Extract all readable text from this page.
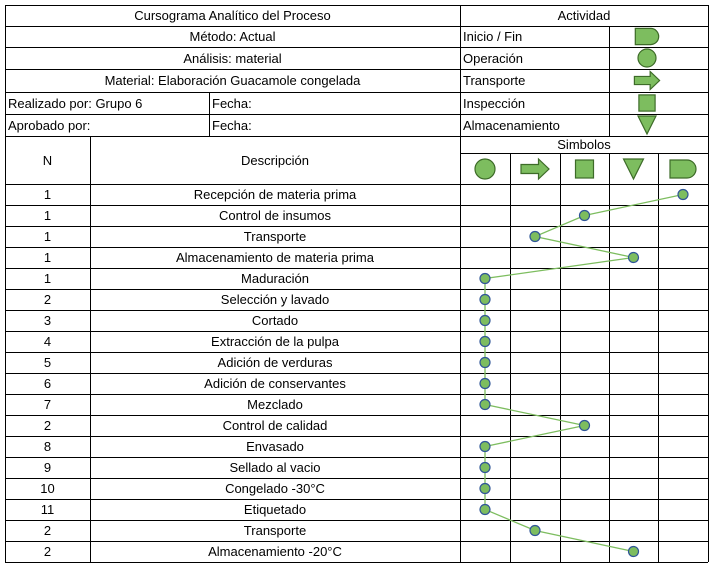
Cursograma Analítico del Proceso	Actividad
Método: Actual
Análisis: material
Material: Elaboración Guacamole congelada
Realizado por: Grupo 6	Fecha:
Aprobado por:	Fecha:
Inicio / Fin
Operación
Transporte
Inspección
Almacenamiento
N	Descripción
Simbolos
1	Recepción de materia prima
1	Control de insumos
1	Transporte
1	Almacenamiento de materia prima
1	Maduración
2	Selección y lavado
3	Cortado
4	Extracción de la pulpa
5	Adición de verduras
6	Adición de conservantes
7	Mezclado
2	Control de calidad
8	Envasado
9	Sellado al vacio
10	Congelado -30°C
11	Etiquetado
2	Transporte
2	Almacenamiento -20°C
